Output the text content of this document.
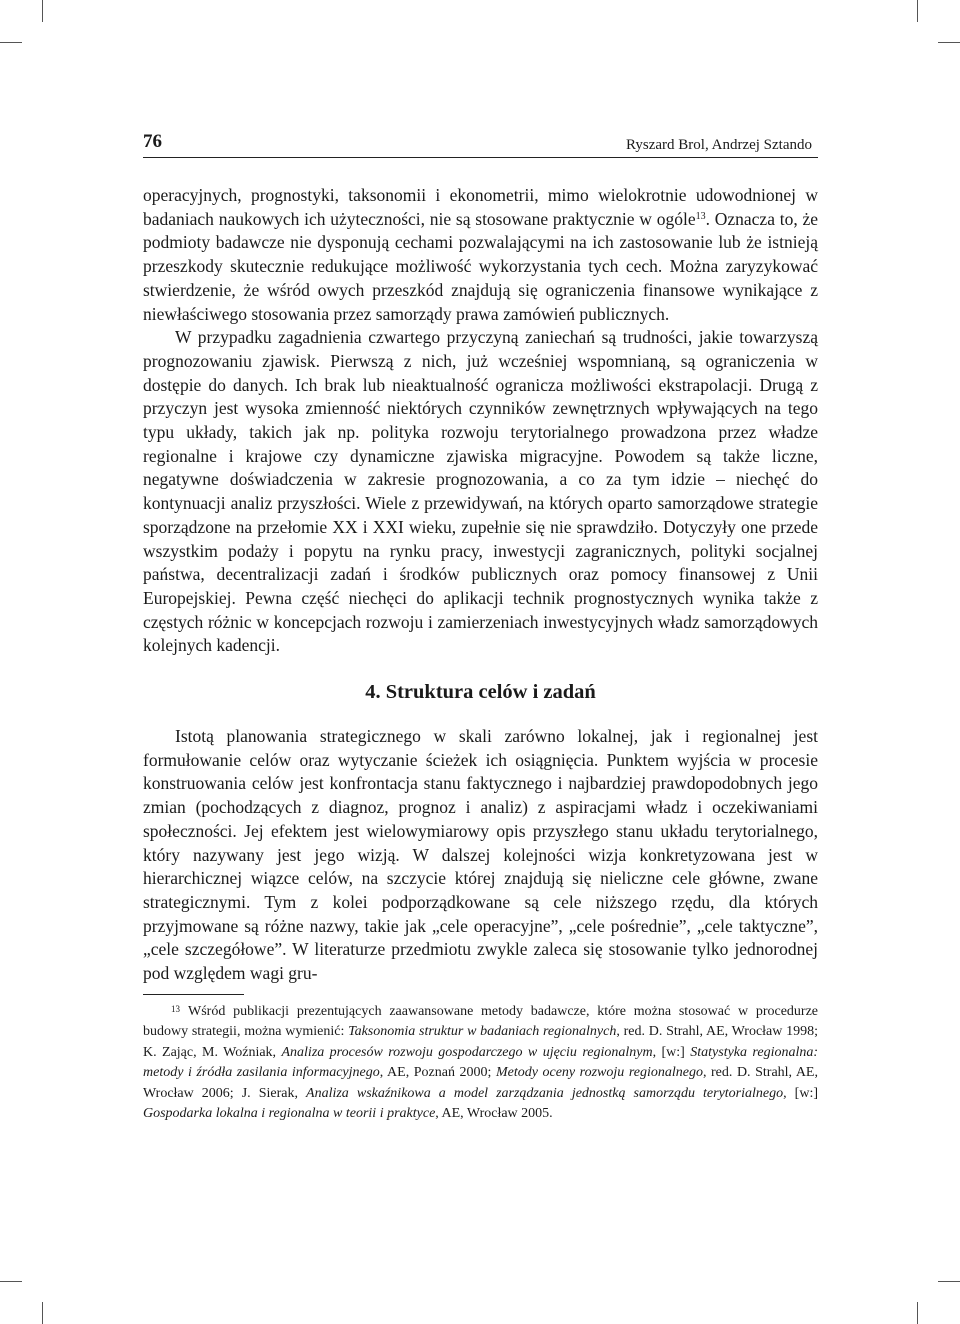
76	Ryszard Brol, Andrzej Sztando

operacyjnych, prognostyki, taksonomii i ekonometrii, mimo wielokrotnie udowodnionej w badaniach naukowych ich użyteczności, nie są stosowane praktycznie w ogóle$^{13}$. Oznacza to, że podmioty badawcze nie dysponują cechami pozwalającymi na ich zastosowanie lub że istnieją przeszkody skutecznie redukujące możliwość wykorzystania tych cech. Można zaryzykować stwierdzenie, że wśród owych przeszkód znajdują się ograniczenia finansowe wynikające z niewłaściwego stosowania przez samorządy prawa zamówień publicznych.

W przypadku zagadnienia czwartego przyczyną zaniechań są trudności, jakie towarzyszą prognozowaniu zjawisk. Pierwszą z nich, już wcześniej wspomnianą, są ograniczenia w dostępie do danych. Ich brak lub nieaktualność ogranicza możliwości ekstrapolacji. Drugą z przyczyn jest wysoka zmienność niektórych czynników zewnętrznych wpływających na tego typu układy, takich jak np. polityka rozwoju terytorialnego prowadzona przez władze regionalne i krajowe czy dynamiczne zjawiska migracyjne. Powodem są także liczne, negatywne doświadczenia w zakresie prognozowania, a co za tym idzie – niechęć do kontynuacji analiz przyszłości. Wiele z przewidywań, na których oparto samorządowe strategie sporządzone na przełomie XX i XXI wieku, zupełnie się nie sprawdziło. Dotyczyły one przede wszystkim podaży i popytu na rynku pracy, inwestycji zagranicznych, polityki socjalnej państwa, decentralizacji zadań i środków publicznych oraz pomocy finansowej z Unii Europejskiej. Pewna część niechęci do aplikacji technik prognostycznych wynika także z częstych różnic w koncepcjach rozwoju i zamierzeniach inwestycyjnych władz samorządowych kolejnych kadencji.

4. Struktura celów i zadań

Istotą planowania strategicznego w skali zarówno lokalnej, jak i regionalnej jest formułowanie celów oraz wytyczanie ścieżek ich osiągnięcia. Punktem wyjścia w procesie konstruowania celów jest konfrontacja stanu faktycznego i najbardziej prawdopodobnych jego zmian (pochodzących z diagnoz, prognoz i analiz) z aspiracjami władz i oczekiwaniami społeczności. Jej efektem jest wielowymiarowy opis przyszłego stanu układu terytorialnego, który nazywany jest jego wizją. W dalszej kolejności wizja konkretyzowana jest w hierarchicznej wiązce celów, na szczycie której znajdują się nieliczne cele główne, zwane strategicznymi. Tym z kolei podporządkowane są cele niższego rzędu, dla których przyjmowane są różne nazwy, takie jak „cele operacyjne”, „cele pośrednie”, „cele taktyczne”, „cele szczegółowe”. W literaturze przedmiotu zwykle zaleca się stosowanie tylko jednorodnej pod względem wagi gru-

$^{13}$ Wśród publikacji prezentujących zaawansowane metody badawcze, które można stosować w procedurze budowy strategii, można wymienić: Taksonomia struktur w badaniach regionalnych, red. D. Strahl, AE, Wrocław 1998; K. Zając, M. Woźniak, Analiza procesów rozwoju gospodarczego w ujęciu regionalnym, [w:] Statystyka regionalna: metody i źródła zasilania informacyjnego, AE, Poznań 2000; Metody oceny rozwoju regionalnego, red. D. Strahl, AE, Wrocław 2006; J. Sierak, Analiza wskaźnikowa a model zarządzania jednostką samorządu terytorialnego, [w:] Gospodarka lokalna i regionalna w teorii i praktyce, AE, Wrocław 2005.
